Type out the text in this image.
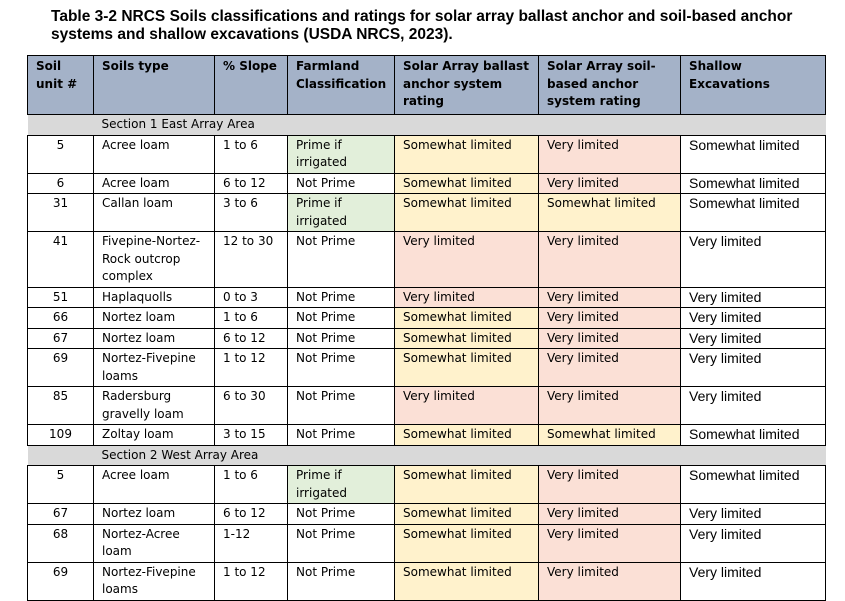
Table 3-2 NRCS Soils classifications and ratings for solar array ballast anchor and soil-based anchor systems and shallow excavations (USDA NRCS, 2023).
Soil unit #	Soils type	% Slope	Farmland Classification	Solar Array ballast anchor system rating	Solar Array soil-based anchor system rating	Shallow Excavations
	Section 1 East Array Area					
5	Acree loam	1 to 6	Prime if irrigated	Somewhat limited	Very limited	Somewhat limited
6	Acree loam	6 to 12	Not Prime	Somewhat limited	Very limited	Somewhat limited
31	Callan loam	3 to 6	Prime if irrigated	Somewhat limited	Somewhat limited	Somewhat limited
41	Fivepine-Nortez-Rock outcrop complex	12 to 30	Not Prime	Very limited	Very limited	Very limited
51	Haplaquolls	0 to 3	Not Prime	Very limited	Very limited	Very limited
66	Nortez loam	1 to 6	Not Prime	Somewhat limited	Very limited	Very limited
67	Nortez loam	6 to 12	Not Prime	Somewhat limited	Very limited	Very limited
69	Nortez-Fivepine loams	1 to 12	Not Prime	Somewhat limited	Very limited	Very limited
85	Radersburg gravelly loam	6 to 30	Not Prime	Very limited	Very limited	Very limited
109	Zoltay loam	3 to 15	Not Prime	Somewhat limited	Somewhat limited	Somewhat limited
	Section 2 West Array Area					
5	Acree loam	1 to 6	Prime if irrigated	Somewhat limited	Very limited	Somewhat limited
67	Nortez loam	6 to 12	Not Prime	Somewhat limited	Very limited	Very limited
68	Nortez-Acree loam	1-12	Not Prime	Somewhat limited	Very limited	Very limited
69	Nortez-Fivepine loams	1 to 12	Not Prime	Somewhat limited	Very limited	Very limited
